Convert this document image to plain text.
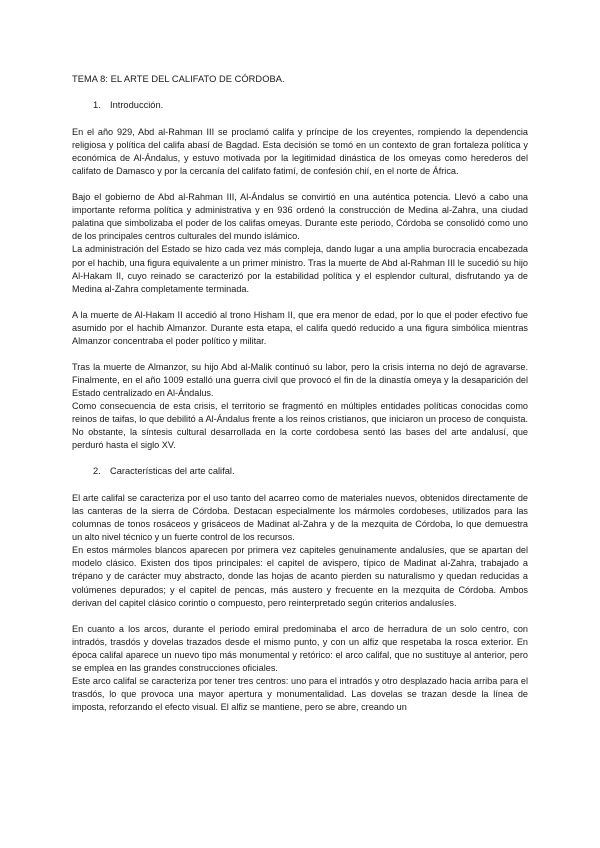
TEMA 8: EL ARTE DEL CALIFATO DE CÓRDOBA.

1. Introducción.

En el año 929, Abd al-Rahman III se proclamó califa y príncipe de los creyentes, rompiendo la dependencia religiosa y política del califa abasí de Bagdad. Esta decisión se tomó en un contexto de gran fortaleza política y económica de Al-Ándalus, y estuvo motivada por la legitimidad dinástica de los omeyas como herederos del califato de Damasco y por la cercanía del califato fatimí, de confesión chií, en el norte de África.

Bajo el gobierno de Abd al-Rahman III, Al-Ándalus se convirtió en una auténtica potencia. Llevó a cabo una importante reforma política y administrativa y en 936 ordenó la construcción de Medina al-Zahra, una ciudad palatina que simbolizaba el poder de los califas omeyas. Durante este periodo, Córdoba se consolidó como uno de los principales centros culturales del mundo islámico.

La administración del Estado se hizo cada vez más compleja, dando lugar a una amplia burocracia encabezada por el hachib, una figura equivalente a un primer ministro. Tras la muerte de Abd al-Rahman III le sucedió su hijo Al-Hakam II, cuyo reinado se caracterizó por la estabilidad política y el esplendor cultural, disfrutando ya de Medina al-Zahra completamente terminada.

A la muerte de Al-Hakam II accedió al trono Hisham II, que era menor de edad, por lo que el poder efectivo fue asumido por el hachib Almanzor. Durante esta etapa, el califa quedó reducido a una figura simbólica mientras Almanzor concentraba el poder político y militar.

Tras la muerte de Almanzor, su hijo Abd al-Malik continuó su labor, pero la crisis interna no dejó de agravarse. Finalmente, en el año 1009 estalló una guerra civil que provocó el fin de la dinastía omeya y la desaparición del Estado centralizado en Al-Ándalus.

Como consecuencia de esta crisis, el territorio se fragmentó en múltiples entidades políticas conocidas como reinos de taifas, lo que debilitó a Al-Ándalus frente a los reinos cristianos, que iniciaron un proceso de conquista. No obstante, la síntesis cultural desarrollada en la corte cordobesa sentó las bases del arte andalusí, que perduró hasta el siglo XV.

2. Características del arte califal.

El arte califal se caracteriza por el uso tanto del acarreo como de materiales nuevos, obtenidos directamente de las canteras de la sierra de Córdoba. Destacan especialmente los mármoles cordobeses, utilizados para las columnas de tonos rosáceos y grisáceos de Madinat al-Zahra y de la mezquita de Córdoba, lo que demuestra un alto nivel técnico y un fuerte control de los recursos.

En estos mármoles blancos aparecen por primera vez capiteles genuinamente andalusíes, que se apartan del modelo clásico. Existen dos tipos principales: el capitel de avispero, típico de Madinat al-Zahra, trabajado a trépano y de carácter muy abstracto, donde las hojas de acanto pierden su naturalismo y quedan reducidas a volúmenes depurados; y el capitel de pencas, más austero y frecuente en la mezquita de Córdoba. Ambos derivan del capitel clásico corintio o compuesto, pero reinterpretado según criterios andalusíes.

En cuanto a los arcos, durante el periodo emiral predominaba el arco de herradura de un solo centro, con intradós, trasdós y dovelas trazados desde el mismo punto, y con un alfiz que respetaba la rosca exterior. En época califal aparece un nuevo tipo más monumental y retórico: el arco califal, que no sustituye al anterior, pero se emplea en las grandes construcciones oficiales.

Este arco califal se caracteriza por tener tres centros: uno para el intradós y otro desplazado hacia arriba para el trasdós, lo que provoca una mayor apertura y monumentalidad. Las dovelas se trazan desde la línea de imposta, reforzando el efecto visual. El alfiz se mantiene, pero se abre, creando un
